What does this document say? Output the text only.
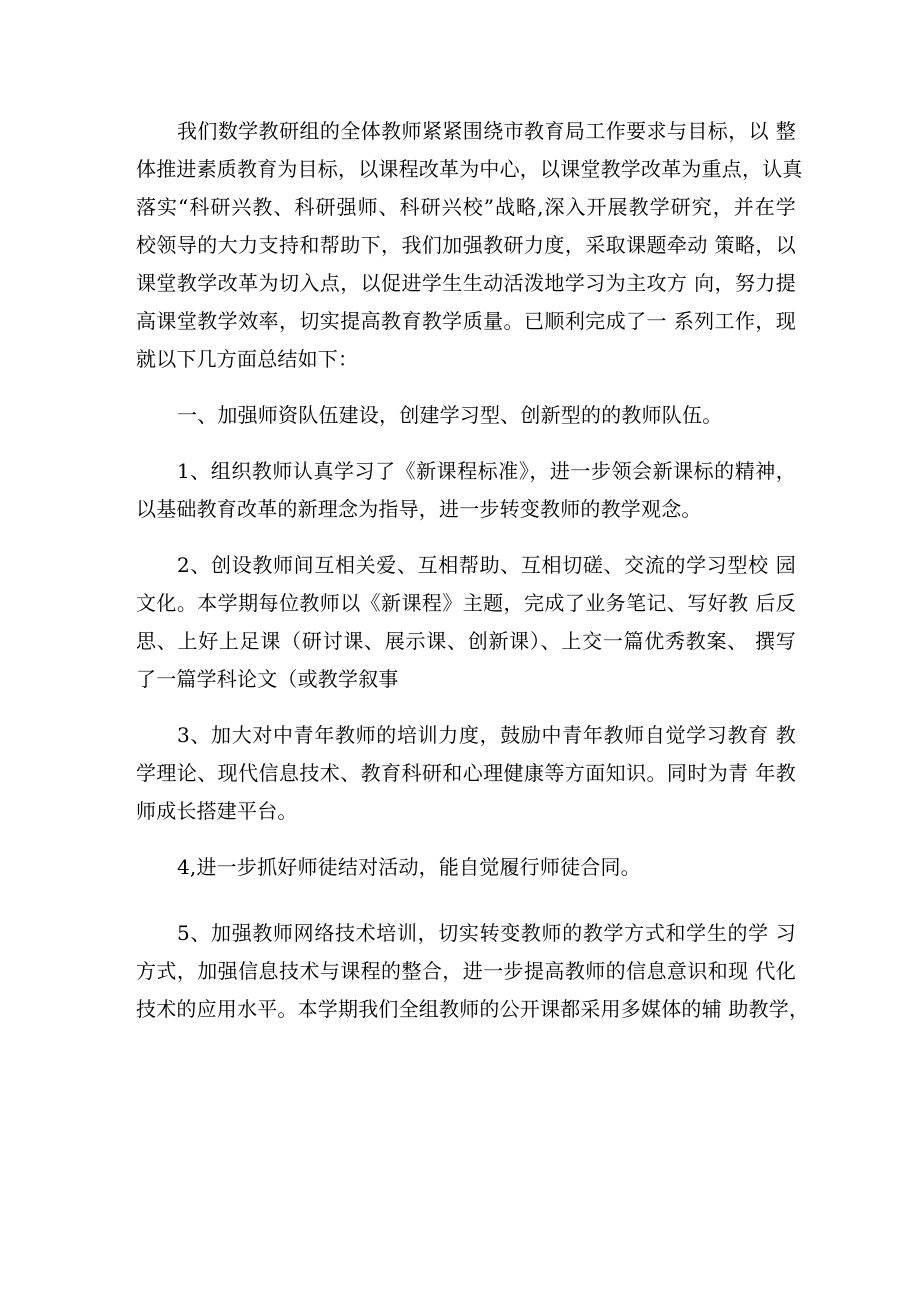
我们数学教研组的全体教师紧紧围绕市教育局工作要求与目标，以 整
体推进素质教育为目标，以课程改革为中心，以课堂教学改革为重点，认真
落实“科研兴教、科研强师、科研兴校”战略,深入开展教学研究，并在学
校领导的大力支持和帮助下，我们加强教研力度，采取课题牵动 策略，以
课堂教学改革为切入点，以促进学生生动活泼地学习为主攻方 向，努力提
高课堂教学效率，切实提高教育教学质量。已顺利完成了一 系列工作，现
就以下几方面总结如下：
一、加强师资队伍建设，创建学习型、创新型的的教师队伍。
1、组织教师认真学习了《新课程标准》，进一步领会新课标的精神，
以基础教育改革的新理念为指导，进一步转变教师的教学观念。
2、创设教师间互相关爱、互相帮助、互相切磋、交流的学习型校 园
文化。本学期每位教师以《新课程》主题，完成了业务笔记、写好教 后反
思、上好上足课（研讨课、展示课、创新课）、上交一篇优秀教案、 撰写
了一篇学科论文（或教学叙事
3、加大对中青年教师的培训力度，鼓励中青年教师自觉学习教育 教
学理论、现代信息技术、教育科研和心理健康等方面知识。同时为青 年教
师成长搭建平台。
4,进一步抓好师徒结对活动，能自觉履行师徒合同。
5、加强教师网络技术培训，切实转变教师的教学方式和学生的学 习
方式，加强信息技术与课程的整合，进一步提高教师的信息意识和现 代化
技术的应用水平。本学期我们全组教师的公开课都采用多媒体的辅 助教学，
